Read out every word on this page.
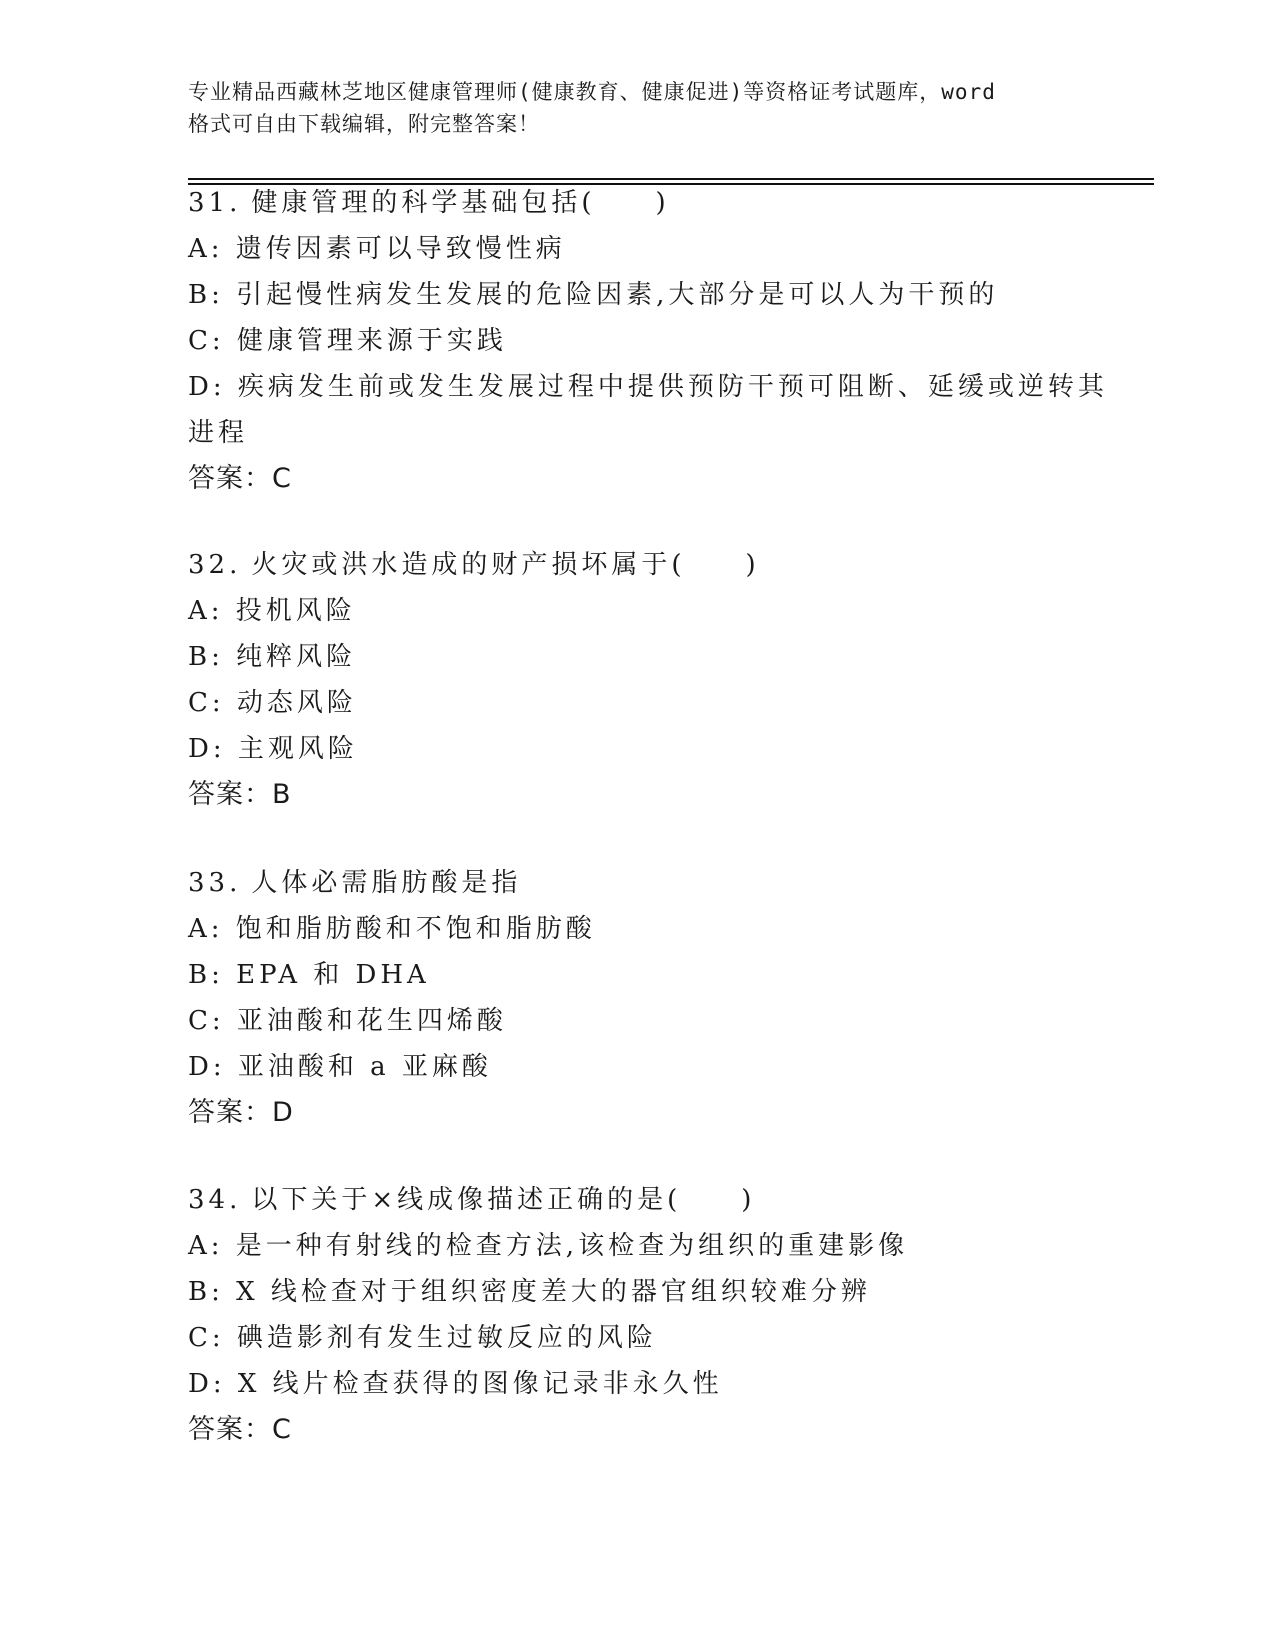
专业精品西藏林芝地区健康管理师(健康教育、健康促进)等资格证考试题库，word
格式可自由下载编辑，附完整答案！
31. 健康管理的科学基础包括(　　)
A: 遗传因素可以导致慢性病
B: 引起慢性病发生发展的危险因素,大部分是可以人为干预的
C: 健康管理来源于实践
D: 疾病发生前或发生发展过程中提供预防干预可阻断、延缓或逆转其
进程
答案：C
32. 火灾或洪水造成的财产损坏属于(　　)
A: 投机风险
B: 纯粹风险
C: 动态风险
D: 主观风险
答案：B
33. 人体必需脂肪酸是指
A: 饱和脂肪酸和不饱和脂肪酸
B: EPA 和 DHA
C: 亚油酸和花生四烯酸
D: 亚油酸和 a 亚麻酸
答案：D
34. 以下关于×线成像描述正确的是(　　)
A: 是一种有射线的检查方法,该检查为组织的重建影像
B: X 线检查对于组织密度差大的器官组织较难分辨
C: 碘造影剂有发生过敏反应的风险
D: X 线片检查获得的图像记录非永久性
答案：C
